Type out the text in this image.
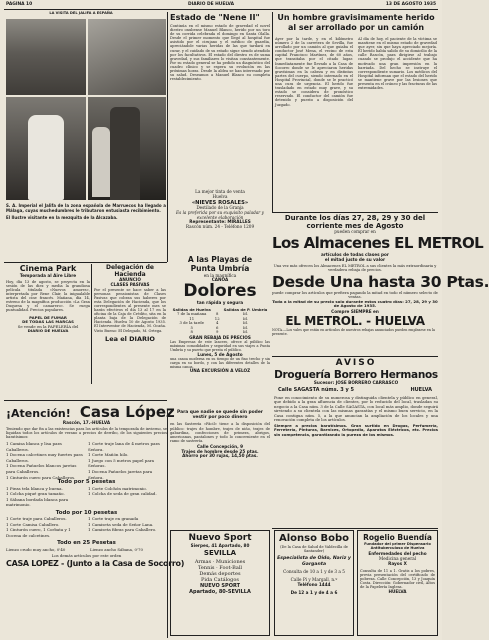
PAGINA 10	DIARIO DE HUELVA	13 DE AGOSTO 1935
LA VISITA DEL JALIFA A ESPAÑA	Estado de "Nene II"
Continúa en el mismo estado de gravedad el novel diestro onubense Manuel Blanco, herido por un toro de su corrida celebrada el domingo en Santa Olalla. Desde el primer momento que llegó al hospital fue asistido por el cirujano y el médico de guardia, apreciándole varias heridas de las que tardará en curar, y el cuidado de su estado sigue siendo atendido por los facultativos. El estado del diestro es de suma gravedad, y sus familiares lo visitan constantemente. Por su estado general se ha pedido un diagnóstico del cuadro clínico y se espera su evolución en las próximas horas. Desde la aldea se han interesado por su salud. Deseamos a Manuel Blanco su completa restablecimiento.
La mejor tinta de venta
Huelva
«NIEVES ROSALES»
Destilado de la Granja
Es la preferida por su exquisito paladar y excelente elaboración
Representante: MIRALLES
Rascón núm. 24 - Teléfono 1209
S. A. Imperial el Jalifa de la zona española de Marruecos ha llegado a Málaga, cuyas muchedumbres le tributaron entusiasta recibimiento.
El Ilustre visitante en la mezquita de la Alcazaba.
Un hombre gravisimamente herido al ser arrollado por un camión
Ayer por la tarde, y en el kilómetro número 2 de la carretera de Sevilla, fue arrollado por un camión al que guiaba el conductor José Mena, el vecino de esta capital Francisco Martínez, de 60 años, que transitaba por el citado lugar. Inmediatamente fue llevado a la Casa de Socorro donde se le apreciaron heridas gravísimas en la cabeza y en distintas partes del cuerpo, siendo internado en el Hospital Provincial, donde se le practicó una cura de urgencia. El herido fue trasladado en estado muy grave, y su estado se considera de pronóstico reservado. El conductor del camión fue detenido y puesto a disposición del Juzgado.
Al día de hoy, el paciente de la víctima se mantiene en el mismo estado de gravedad que ayer, sin que haya apreciado mejoría. El herido había salido de su domicilio de la calle Rascón, para dirigirse al trabajo cuando se produjo el accidente que ha motivado una gran impresión en la barriada. Del hecho se instruye el correspondiente sumario. Los médicos del Hospital informan que el estado del herido se mantiene grave por las lesiones que presenta en el cráneo y las fracturas de las extremidades.
Durante los días 27, 28, 29 y 30 del corriente mes de Agosto
pueden comprar en
Los Almacenes EL METROL
artículos de todas clases por
el mitad justo de su valor
Una vez más ofrecen los Almacenes EL METROL a sus clientes la más extraordinaria y verdadera rebaja de precios.
Desde Una hasta 30 Ptas.
puede comprar los artículos que prefiera pagando la mitad en todo el número selecto de ventas.
Toda a la mitad de su precio solo durante estos cuatro días: 27, 28, 29 y 30 de Agosto de 1935.
Compre SIEMPRE en
EL METROL. - HUELVA
NOTA.—Los vales que están en artículos de nuestros rebajas anunciados pueden emplearse en la presente.
A las Playas de
Punta Umbría
en la magnífica
CANOA
Dolores
tan rápida y segura
Salidas de Huelva		Salidas de P. Umbría
7 de la mañana	8	Id.
11	12	Id.
3 de la tarde	4	Id.
5	6	Id.
8	9	Id.
GRAN REBAJA DE PRECIOS
Las Empresas de este lancero, ofrece al público las máximas comodidades y seguridad en sus viajes a Punta Umbría y su puerto que presta el público.
Lunes, 5 de Agosto
una canoa moderna en su tiempo de un fino trecho y sin carga en su bordo, y con las diferentes detalles de la misma canoa.
UNA EXCURSIÓN A VELOZ
Cinema Park
Temporada al Aire Libre
Hoy, día 13 de agosto, se proyecta en la sesión de las diez y media la grandiosa película titulada «Nuevos amores», interpretada por Rene Clair, la inigualable artista del cine francés. Mañana, día 14, estreno de la magnífica producción «La Gran Duquesa y el camarero». Se ruega puntualidad. Precios populares.
PAPEL DE FUMAR
DE TODAS LAS MARCAS
Se vende en la PAPELERÍA del
DIARIO DE HUELVA
Delegación de Hacienda
ANUNCIO
CLASES PASIVAS
Por el presente se hace saber a las personas pensionistas de Clases Pasivas que cobran sus haberes por esta Delegación de Hacienda, que los correspondientes al presente mes se harán efectivos el día 13 al 17 en la oficina de la Caja de Crédito, sita en la planta baja de la Delegación de Hacienda. Huelva 10 de Agosto 1935. El Interventor de Hacienda, M. Ocaña. Visto Bueno: El Delegado, M. Ortega.
Lea el DIARIO
¡Atención! Casa López
Rascón, 17.-HUELVA
Teniendo que dar fin a las existencias para los artículos de la temporada de invierno, se liquidan todos los artículos de verano a precios de derribo, de los siguientes precios baratísimos:
1 Camisa blanca y lisa para Caballeros.
1 Docena calcetines muy fuertes para Caballeros.
1 Docena Pañuelos blancos jaretas para Caballeros.
1 Cinturón cuero para Caballeros.
1 Corte traje lana de 4 metros para Señora.
1 Corte Mañón hilo.
1 Juego con 5 metros papel para Señoras.
1 Docena Pañuelos jaretas para Señora.
Todo por 5 pesetas
1 Pieza tela blanca y buena.
1 Colcha piqué gran tamaño.
1 Sábana bordada blanca para matrimonio.
1 Corte Colchón matrimonio.
1 Colcha de seda de gran calidad.
Todo por 10 pesetas
1 Corte traje para Caballeros.
1 Corte Camisa Caballero.
1 Cinturón cuero, 1 Corbata y 1 Docena de calcetines.
1 Corte traje en granada
1 Camiseta seda de Señor Lana.
1 Camiseta fibras para Caballero.
Todo en 25 Pesetas
Lienzo crudo muy ancho, 0'40	Lienzo ancho Sábana, 0'70
Los demás artículos por este orden
CASA LOPEZ - (Junto a la Casa de Socorro)
Para que nadie se quede sin poder vestir por poco dinero
en las Sastrería «Fácil» tiene a la disposición del público: trajes de hombre, trajes de niño, trajes de gabardina, confecciones de primera, abrigos, americanas, pantalones y todo lo concerniente en el ramo de sastrería.
Calle Concepción, 9
Trajes de hombre desde 25 ptas.
Ahorro por 30 rujas, 14,50 ptas.
Nuevo Sport
Sierpes, 41 Apartado, 80
SEVILLA
Armas · Municiones
Tennis · Foot-Ball
Demás deportes
Pida Catálogos
NUEVO SPORT
Apartado, 80-SEVILLA
AVISO
Droguería Borrero Hermanos
Sucesor: JOSE BORRERO CARRASCO
Calle SAGASTA núms. 3 y 5	HUELVA
Pone en conocimiento de su numerosa y distinguida clientela y público en general, que debido a la gran afluencia de clientes, por lo reducido del local, trasladan su negocio a la Casa núm. 3 de la Calle SAGASTA, con local más amplio, donde seguirá sirviendo a su clientela con las mismas garantías y el mismo buen servicio, en la Casa contigua núm. 5, a la que anuncian la ampliación de los locales y una renovación completa de los artículos.
Siempre a precios baratísimos. Gran surtido en Drogas, Perfumería, Ferretería, Pinturas, Barnices, Ortopedia, Aparatos Eléctricos, etc. Precios sin competencia, garantizando la pureza de los mismos.
Alonso Bobo
(De la Casa de Salud de Valdecilla de Santander)
Especialista de Oido, Nariz y Garganta
Consulta de 10 a 1 y de 3 a 5
Calle Pi y Margall, n.º
Teléfono 1444
De 12 a 1 y de 4 a 6
Rogelio Buendía
Fundador del primer Dispensario Antituberculoso de Huelva
Enfermedades del pecho
Medicina general
Rayos X
Consulta de 11 a 1. Gratis a los pobres, previa presentación del certificado de pobreza. Calle Concepción, 13 y Joaquín Costa. Dirección: Gobernador civil, Altos de la Papelería Inglesa.
HUELVA
